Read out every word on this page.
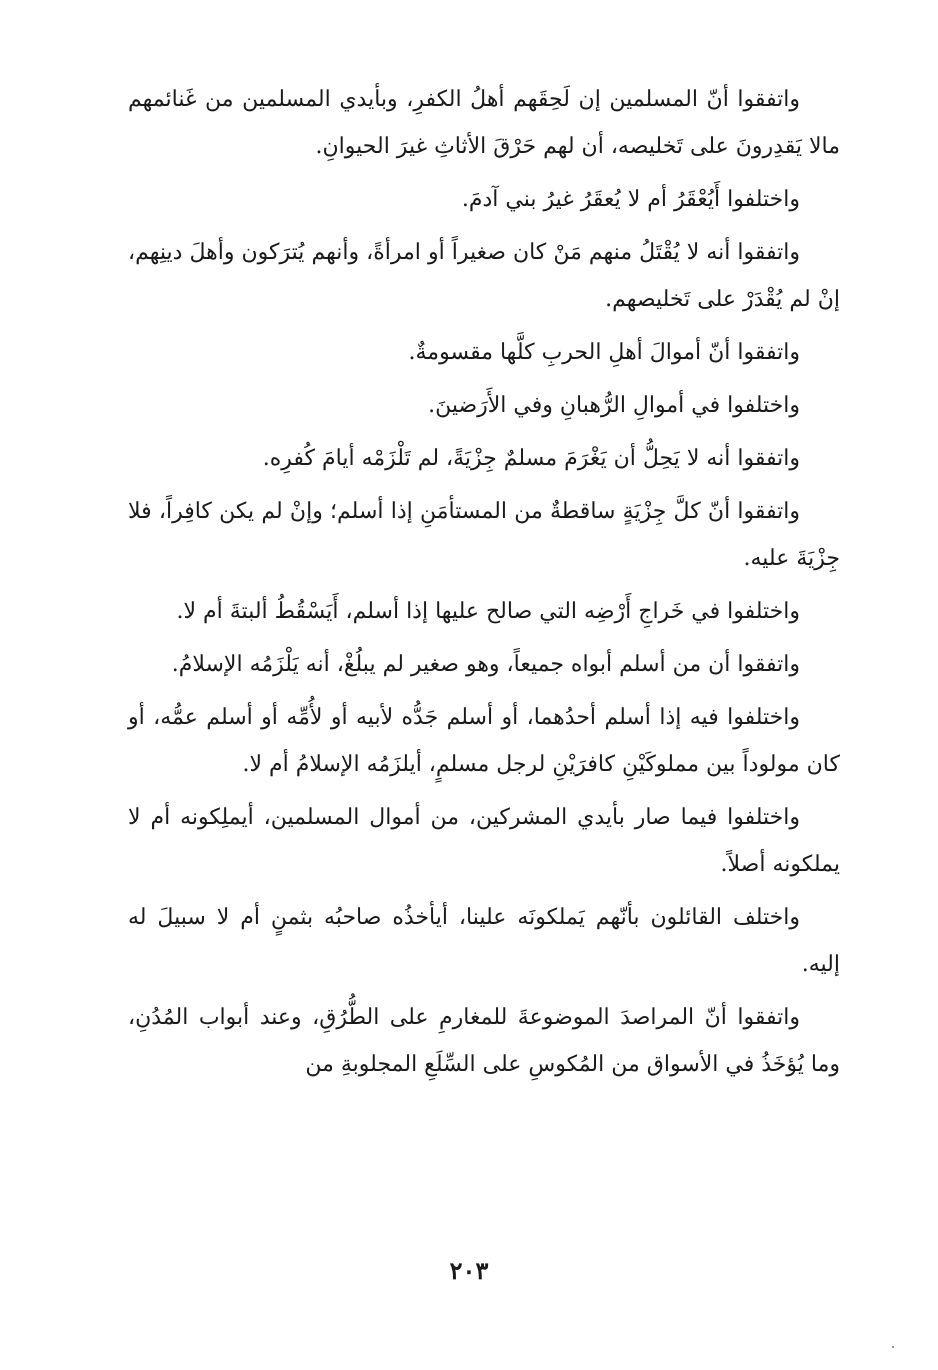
واتفقوا أنّ المسلمين إن لَحِقَهم أهلُ الكفرِ، وبأيدي المسلمين من غَنائمهم مالا يَقدِرونَ على تَخليصه، أن لهم حَرْقَ الأثاثِ غيرَ الحيوانِ.

واختلفوا أَيُعْقَرُ أم لا يُعقَرُ غيرُ بني آدمَ.

واتفقوا أنه لا يُقْتَلُ منهم مَنْ كان صغيراً أو امرأةً، وأنهم يُترَكون وأهلَ دينِهم، إنْ لم يُقْدَرْ على تَخليصهم.

واتفقوا أنّ أموالَ أهلِ الحربِ كلَّها مقسومةٌ.

واختلفوا في أموالِ الرُّهبانِ وفي الأَرَضينَ.

واتفقوا أنه لا يَحِلُّ أن يَغْرَمَ مسلمٌ جِزْيَةً، لم تَلْزَمْه أيامَ كُفرِه.

واتفقوا أنّ كلَّ جِزْيَةٍ ساقطةٌ من المستأمَنِ إذا أسلم؛ وإنْ لم يكن كافِراً، فلا جِزْيَةَ عليه.

واختلفوا في خَراجِ أَرْضِه التي صالح عليها إذا أسلم، أَيَسْقُطُ ألبتةَ أم لا.

واتفقوا أن من أسلم أبواه جميعاً، وهو صغير لم يبلُغْ، أنه يَلْزَمُه الإسلامُ.

واختلفوا فيه إذا أسلم أحدُهما، أو أسلم جَدُّه لأبيه أو لأُمِّه أو أسلم عمُّه، أو كان مولوداً بين مملوكَيْنِ كافرَيْنِ لرجل مسلمٍ، أيلزَمُه الإسلامُ أم لا.

واختلفوا فيما صار بأيدي المشركين، من أموال المسلمين، أيملِكونه أم لا يملكونه أصلاً.

واختلف القائلون بأنّهم يَملكونَه علينا، أيأخذُه صاحبُه بثمنٍ أم لا سبيلَ له إليه.

واتفقوا أنّ المراصدَ الموضوعةَ للمغارمِ على الطُّرُقِ، وعند أبواب المُدُنِ، وما يُؤخَذُ في الأسواق من المُكوسِ على السِّلَعِ المجلوبةِ من

٢٠٣
